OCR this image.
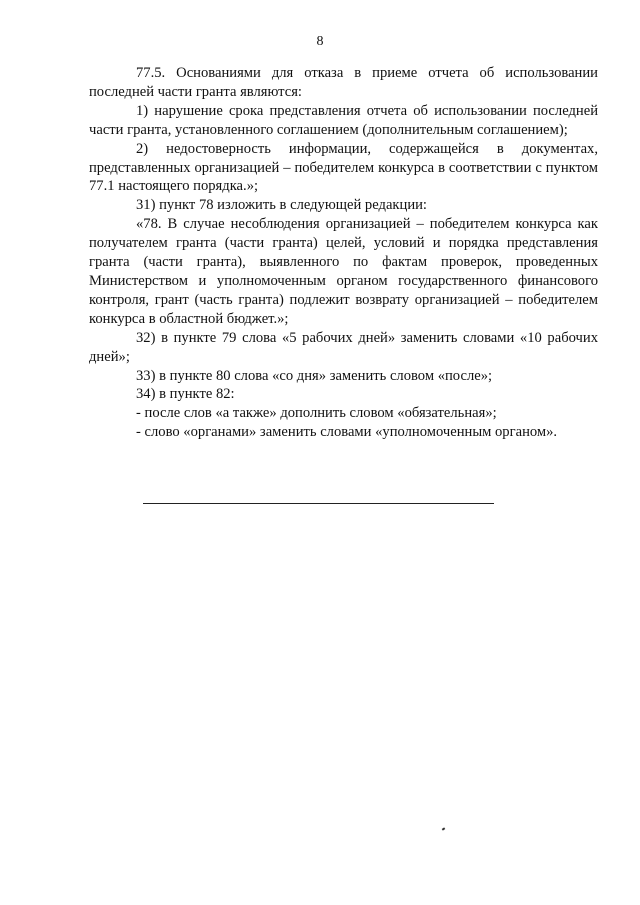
8

77.5. Основаниями для отказа в приеме отчета об использовании последней части гранта являются:

1) нарушение срока представления отчета об использовании последней части гранта, установленного соглашением (дополнительным соглашением);

2) недостоверность информации, содержащейся в документах, представленных организацией – победителем конкурса в соответствии с пунктом 77.1 настоящего порядка.»;

31) пункт 78 изложить в следующей редакции:

«78. В случае несоблюдения организацией – победителем конкурса как получателем гранта (части гранта) целей, условий и порядка представления гранта (части гранта), выявленного по фактам проверок, проведенных Министерством и уполномоченным органом государственного финансового контроля, грант (часть гранта) подлежит возврату организацией – победителем конкурса в областной бюджет.»;

32) в пункте 79 слова «5 рабочих дней» заменить словами «10 рабочих дней»;

33) в пункте 80 слова «со дня» заменить словом «после»;

34) в пункте 82:

- после слов «а также» дополнить словом «обязательная»;

- слово «органами» заменить словами «уполномоченным органом».
